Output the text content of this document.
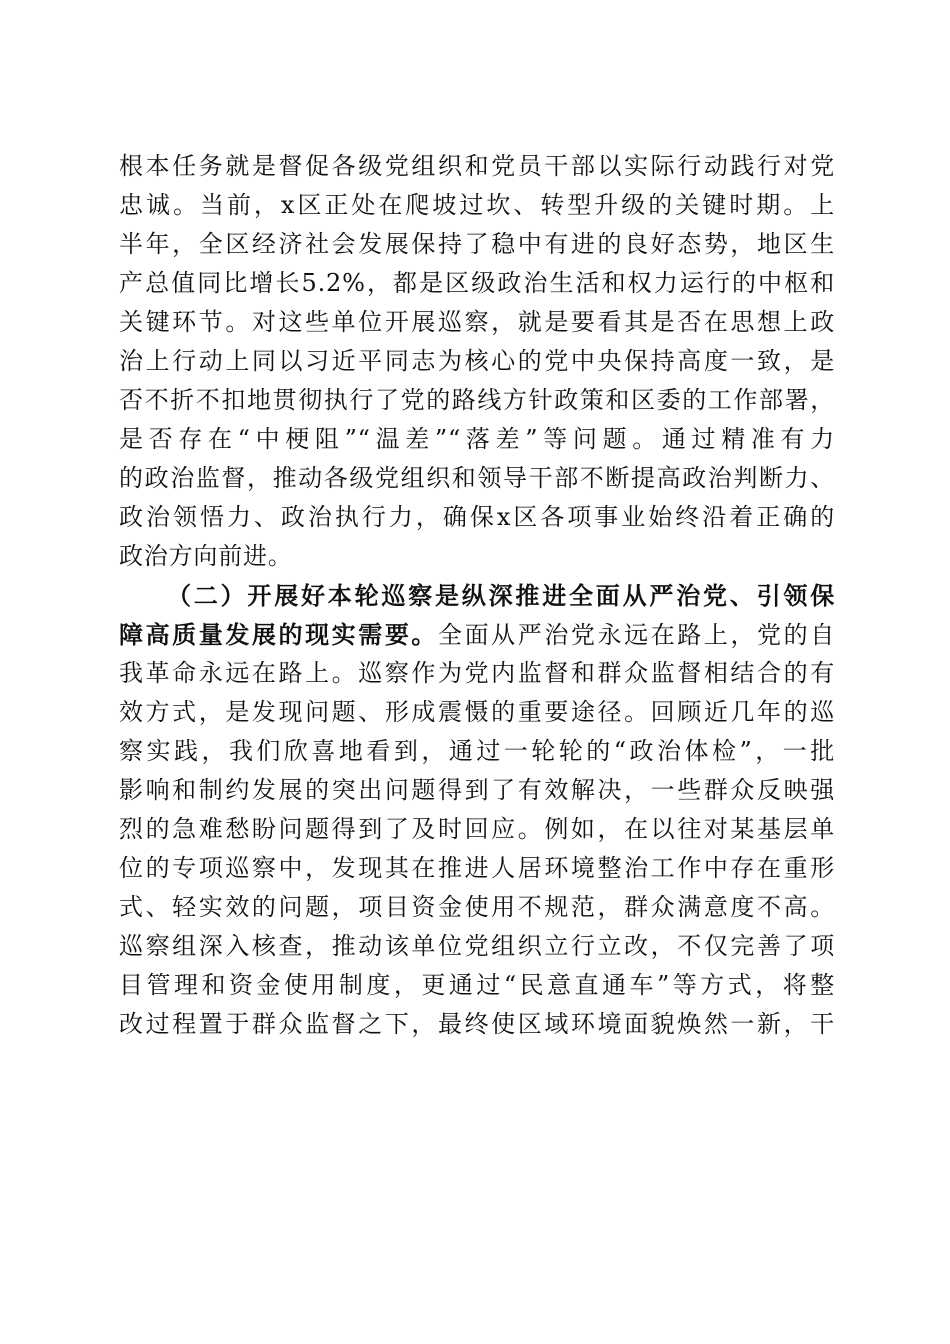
根本任务就是督促各级党组织和党员干部以实际行动践行对党
忠诚。当前，x区正处在爬坡过坎、转型升级的关键时期。上
半年，全区经济社会发展保持了稳中有进的良好态势，地区生
产总值同比增长5.2%，都是区级政治生活和权力运行的中枢和
关键环节。对这些单位开展巡察，就是要看其是否在思想上政
治上行动上同以习近平同志为核心的党中央保持高度一致，是
否不折不扣地贯彻执行了党的路线方针政策和区委的工作部署，
是否存在“中梗阻”“温差”“落差”等问题。通过精准有力
的政治监督，推动各级党组织和领导干部不断提高政治判断力、
政治领悟力、政治执行力，确保x区各项事业始终沿着正确的
政治方向前进。
（二）开展好本轮巡察是纵深推进全面从严治党、引领保
障高质量发展的现实需要。全面从严治党永远在路上，党的自
我革命永远在路上。巡察作为党内监督和群众监督相结合的有
效方式，是发现问题、形成震慑的重要途径。回顾近几年的巡
察实践，我们欣喜地看到，通过一轮轮的“政治体检”，一批
影响和制约发展的突出问题得到了有效解决，一些群众反映强
烈的急难愁盼问题得到了及时回应。例如，在以往对某基层单
位的专项巡察中，发现其在推进人居环境整治工作中存在重形
式、轻实效的问题，项目资金使用不规范，群众满意度不高。
巡察组深入核查，推动该单位党组织立行立改，不仅完善了项
目管理和资金使用制度，更通过“民意直通车”等方式，将整
改过程置于群众监督之下，最终使区域环境面貌焕然一新，干
